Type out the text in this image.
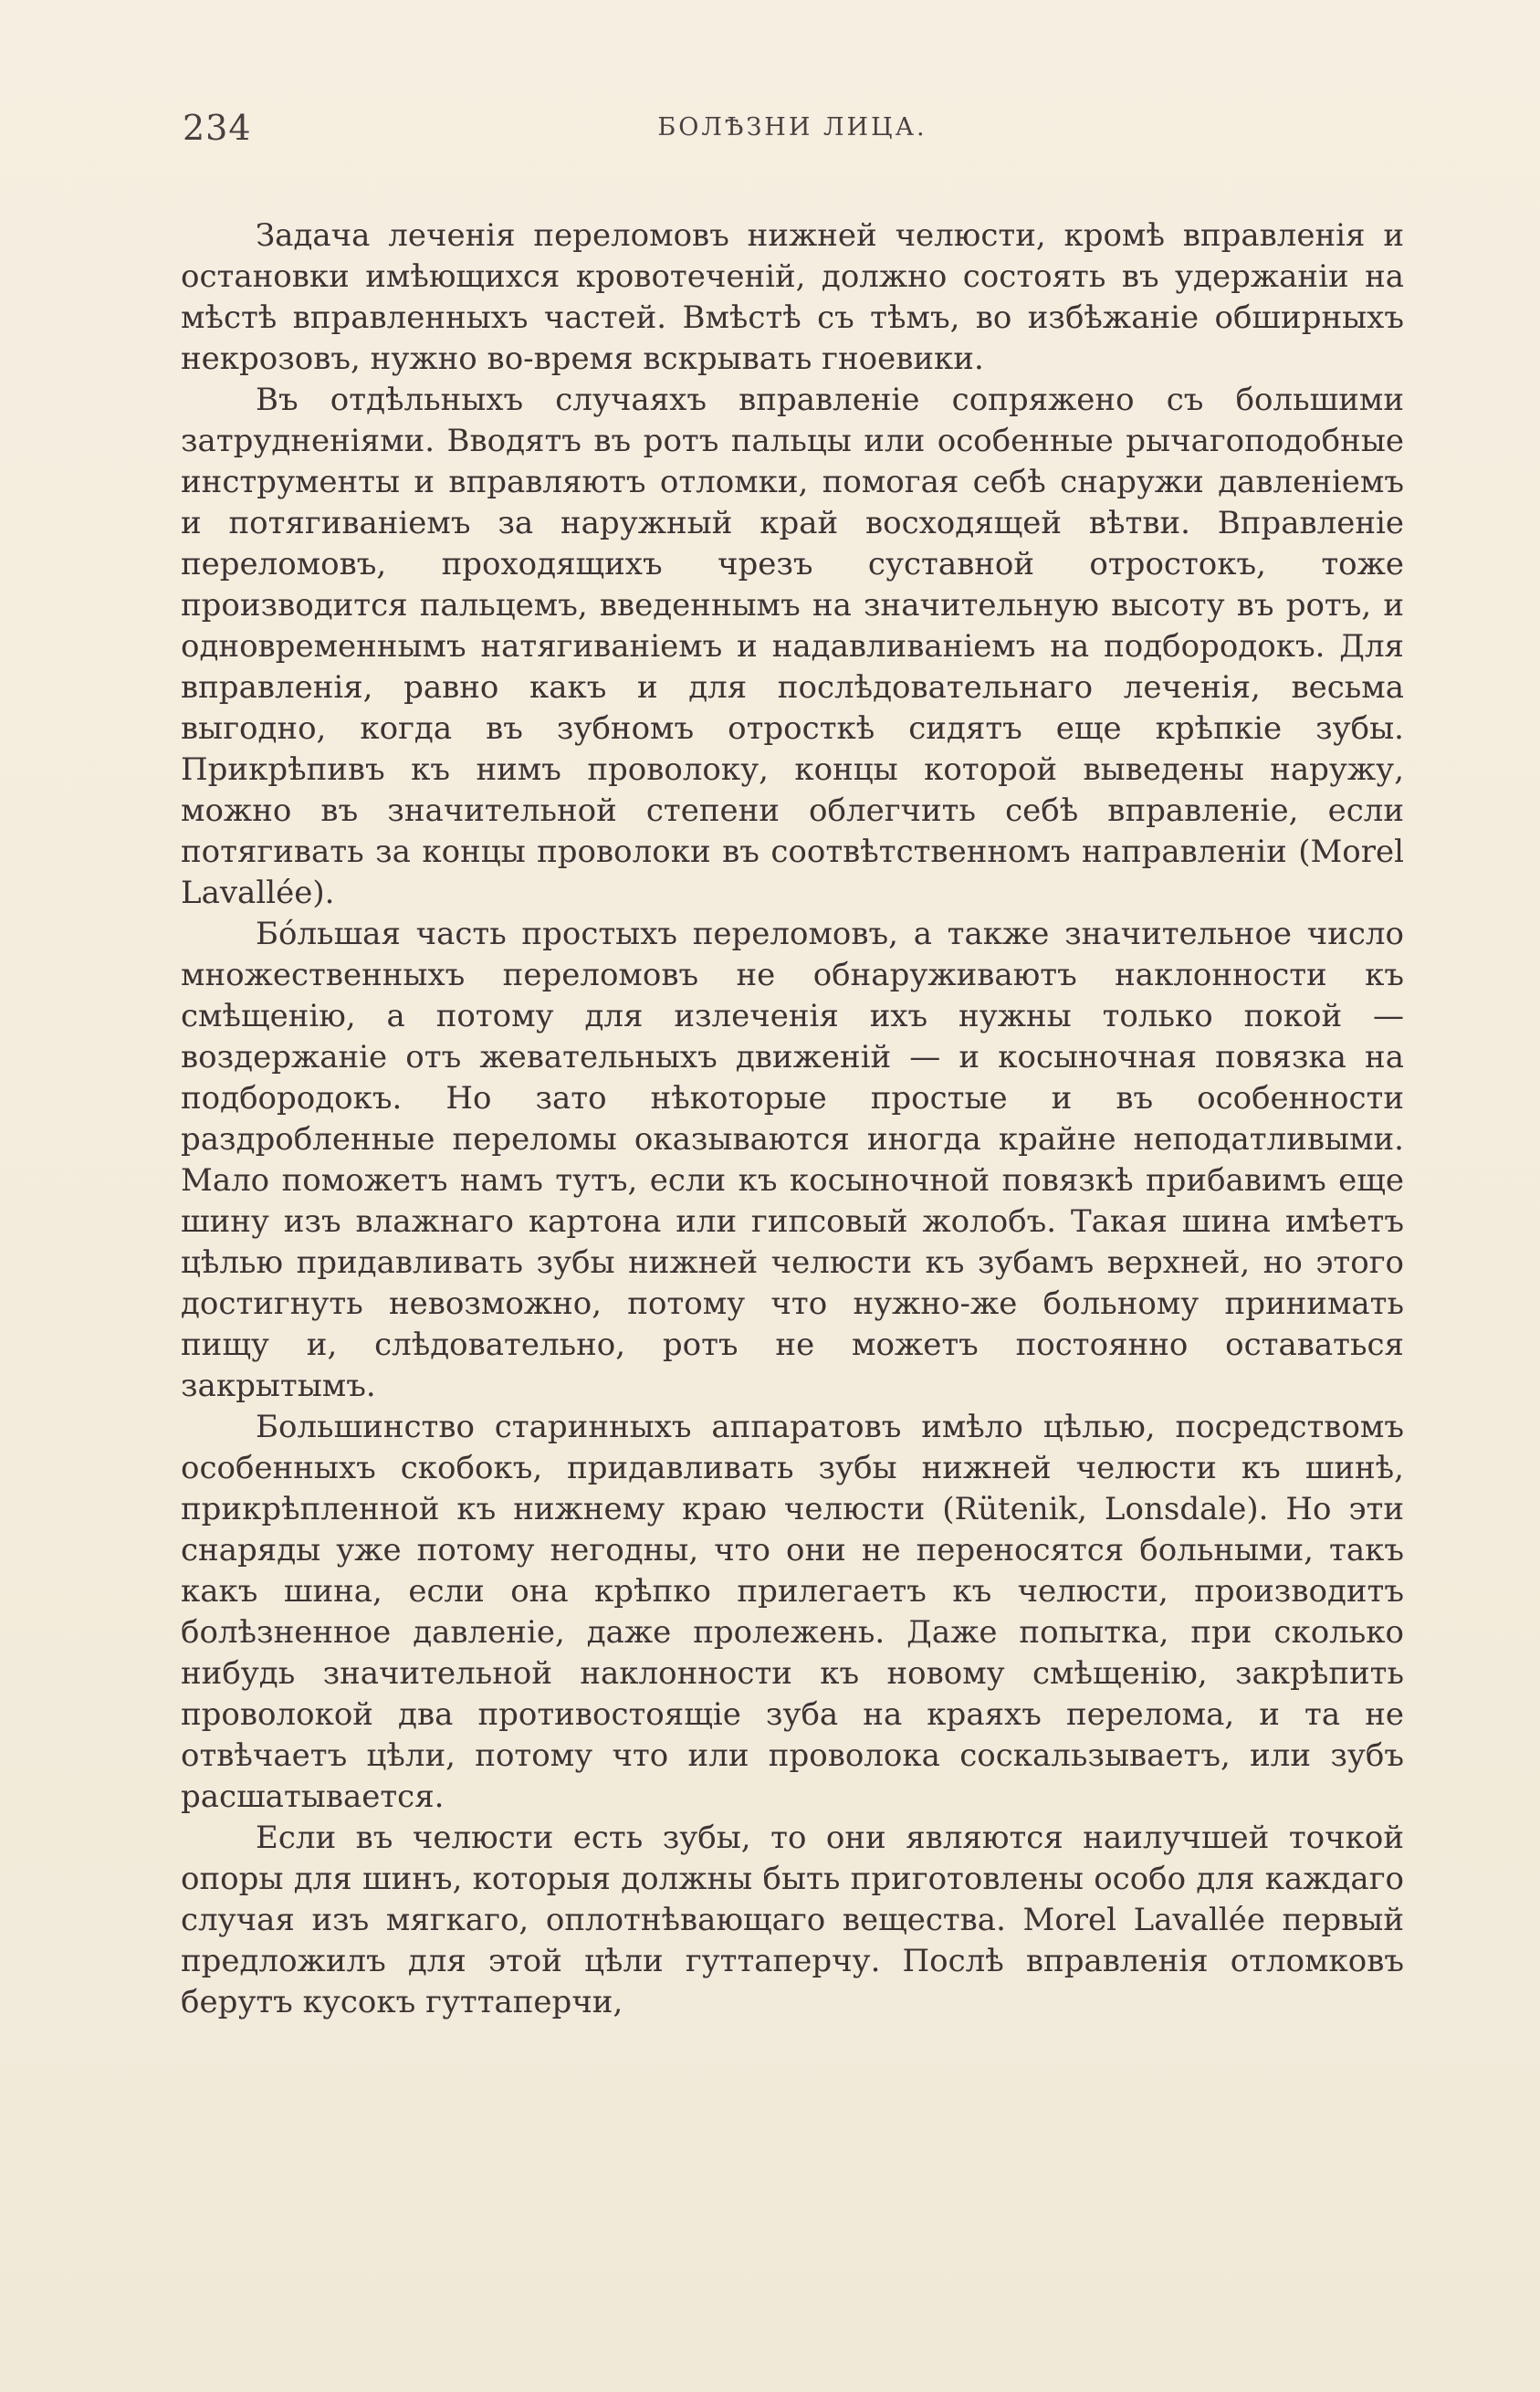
234	БОЛѢЗНИ ЛИЦА.

Задача леченія переломовъ нижней челюсти, кромѣ вправленія и остановки имѣющихся кровотеченій, должно состоять въ удержаніи на мѣстѣ вправленныхъ частей. Вмѣстѣ съ тѣмъ, во избѣжаніе обширныхъ некрозовъ, нужно во-время вскрывать гноевики.

Въ отдѣльныхъ случаяхъ вправленіе сопряжено съ большими затрудненіями. Вводятъ въ ротъ пальцы или особенные рычагоподобные инструменты и вправляютъ отломки, помогая себѣ снаружи давленіемъ и потягиваніемъ за наружный край восходящей вѣтви. Вправленіе переломовъ, проходящихъ чрезъ суставной отростокъ, тоже производится пальцемъ, введеннымъ на значительную высоту въ ротъ, и одновременнымъ натягиваніемъ и надавливаніемъ на подбородокъ. Для вправленія, равно какъ и для послѣдовательнаго леченія, весьма выгодно, когда въ зубномъ отросткѣ сидятъ еще крѣпкіе зубы. Прикрѣпивъ къ нимъ проволоку, концы которой выведены наружу, можно въ значительной степени облегчить себѣ вправленіе, если потягивать за концы проволоки въ соотвѣтственномъ направленіи (Morel Lavallée).

Бо́льшая часть простыхъ переломовъ, а также значительное число множественныхъ переломовъ не обнаруживаютъ наклонности къ смѣщенію, а потому для излеченія ихъ нужны только покой — воздержаніе отъ жевательныхъ движеній — и косыночная повязка на подбородокъ. Но зато нѣкоторые простые и въ особенности раздробленные переломы оказываются иногда крайне неподатливыми. Мало поможетъ намъ тутъ, если къ косыночной повязкѣ прибавимъ еще шину изъ влажнаго картона или гипсовый жолобъ. Такая шина имѣетъ цѣлью придавливать зубы нижней челюсти къ зубамъ верхней, но этого достигнуть невозможно, потому что нужно-же больному принимать пищу и, слѣдовательно, ротъ не можетъ постоянно оставаться закрытымъ.

Большинство старинныхъ аппаратовъ имѣло цѣлью, посредствомъ особенныхъ скобокъ, придавливать зубы нижней челюсти къ шинѣ, прикрѣпленной къ нижнему краю челюсти (Rütenik, Lonsdale). Но эти снаряды уже потому негодны, что они не переносятся больными, такъ какъ шина, если она крѣпко прилегаетъ къ челюсти, производитъ болѣзненное давленіе, даже пролежень. Даже попытка, при сколько нибудь значительной наклонности къ новому смѣщенію, закрѣпить проволокой два противостоящіе зуба на краяхъ перелома, и та не отвѣчаетъ цѣли, потому что или проволока соскальзываетъ, или зубъ расшатывается.

Если въ челюсти есть зубы, то они являются наилучшей точкой опоры для шинъ, которыя должны быть приготовлены особо для каждаго случая изъ мягкаго, оплотнѣвающаго вещества. Morel Lavallée первый предложилъ для этой цѣли гуттаперчу. Послѣ вправленія отломковъ берутъ кусокъ гуттаперчи,
